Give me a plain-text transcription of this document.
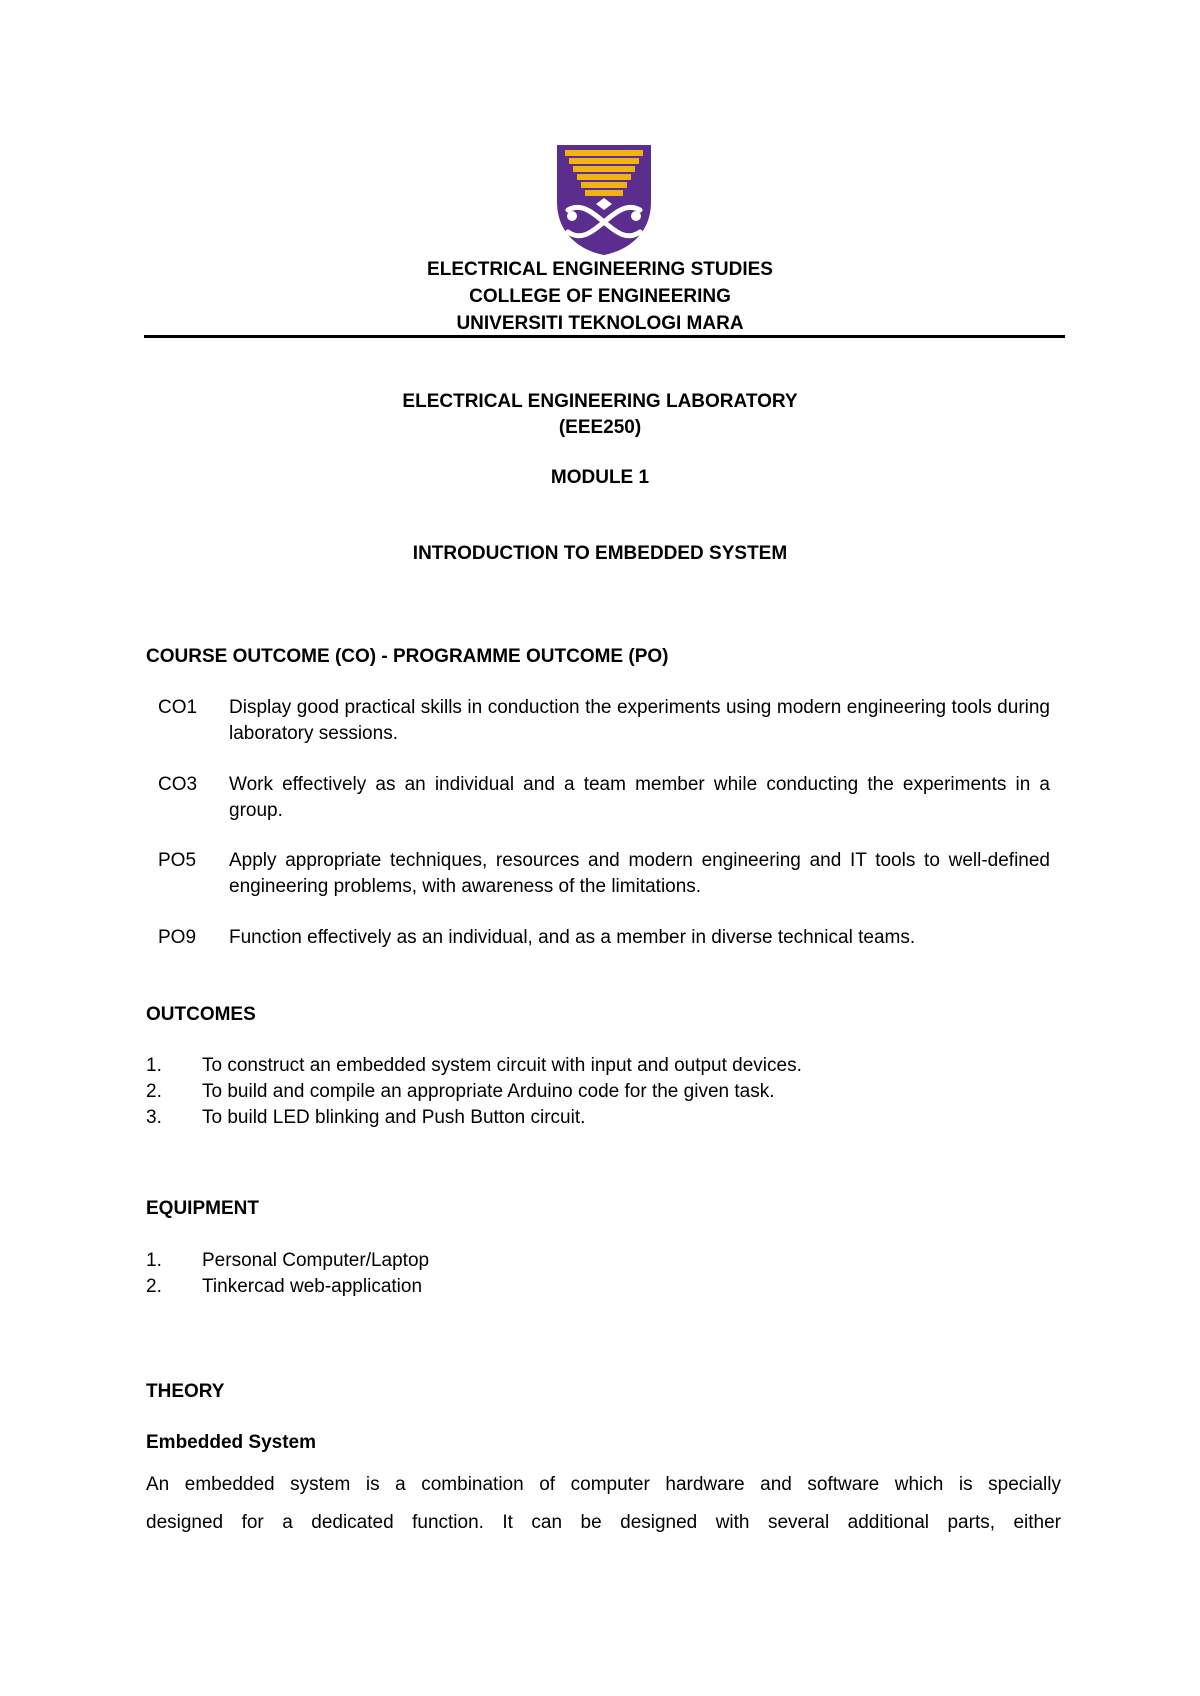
ELECTRICAL ENGINEERING STUDIES
COLLEGE OF ENGINEERING
UNIVERSITI TEKNOLOGI MARA
ELECTRICAL ENGINEERING LABORATORY
(EEE250)
MODULE 1
INTRODUCTION TO EMBEDDED SYSTEM
COURSE OUTCOME (CO) - PROGRAMME OUTCOME (PO)
CO1	Display good practical skills in conduction the experiments using modern engineering tools during laboratory sessions.
CO3	Work effectively as an individual and a team member while conducting the experiments in a group.
PO5	Apply appropriate techniques, resources and modern engineering and IT tools to well-defined engineering problems, with awareness of the limitations.
PO9	Function effectively as an individual, and as a member in diverse technical teams.
OUTCOMES
1. To construct an embedded system circuit with input and output devices.
2. To build and compile an appropriate Arduino code for the given task.
3. To build LED blinking and Push Button circuit.
EQUIPMENT
1. Personal Computer/Laptop
2. Tinkercad web-application
THEORY
Embedded System
An embedded system is a combination of computer hardware and software which is specially
designed for a dedicated function. It can be designed with several additional parts, either
